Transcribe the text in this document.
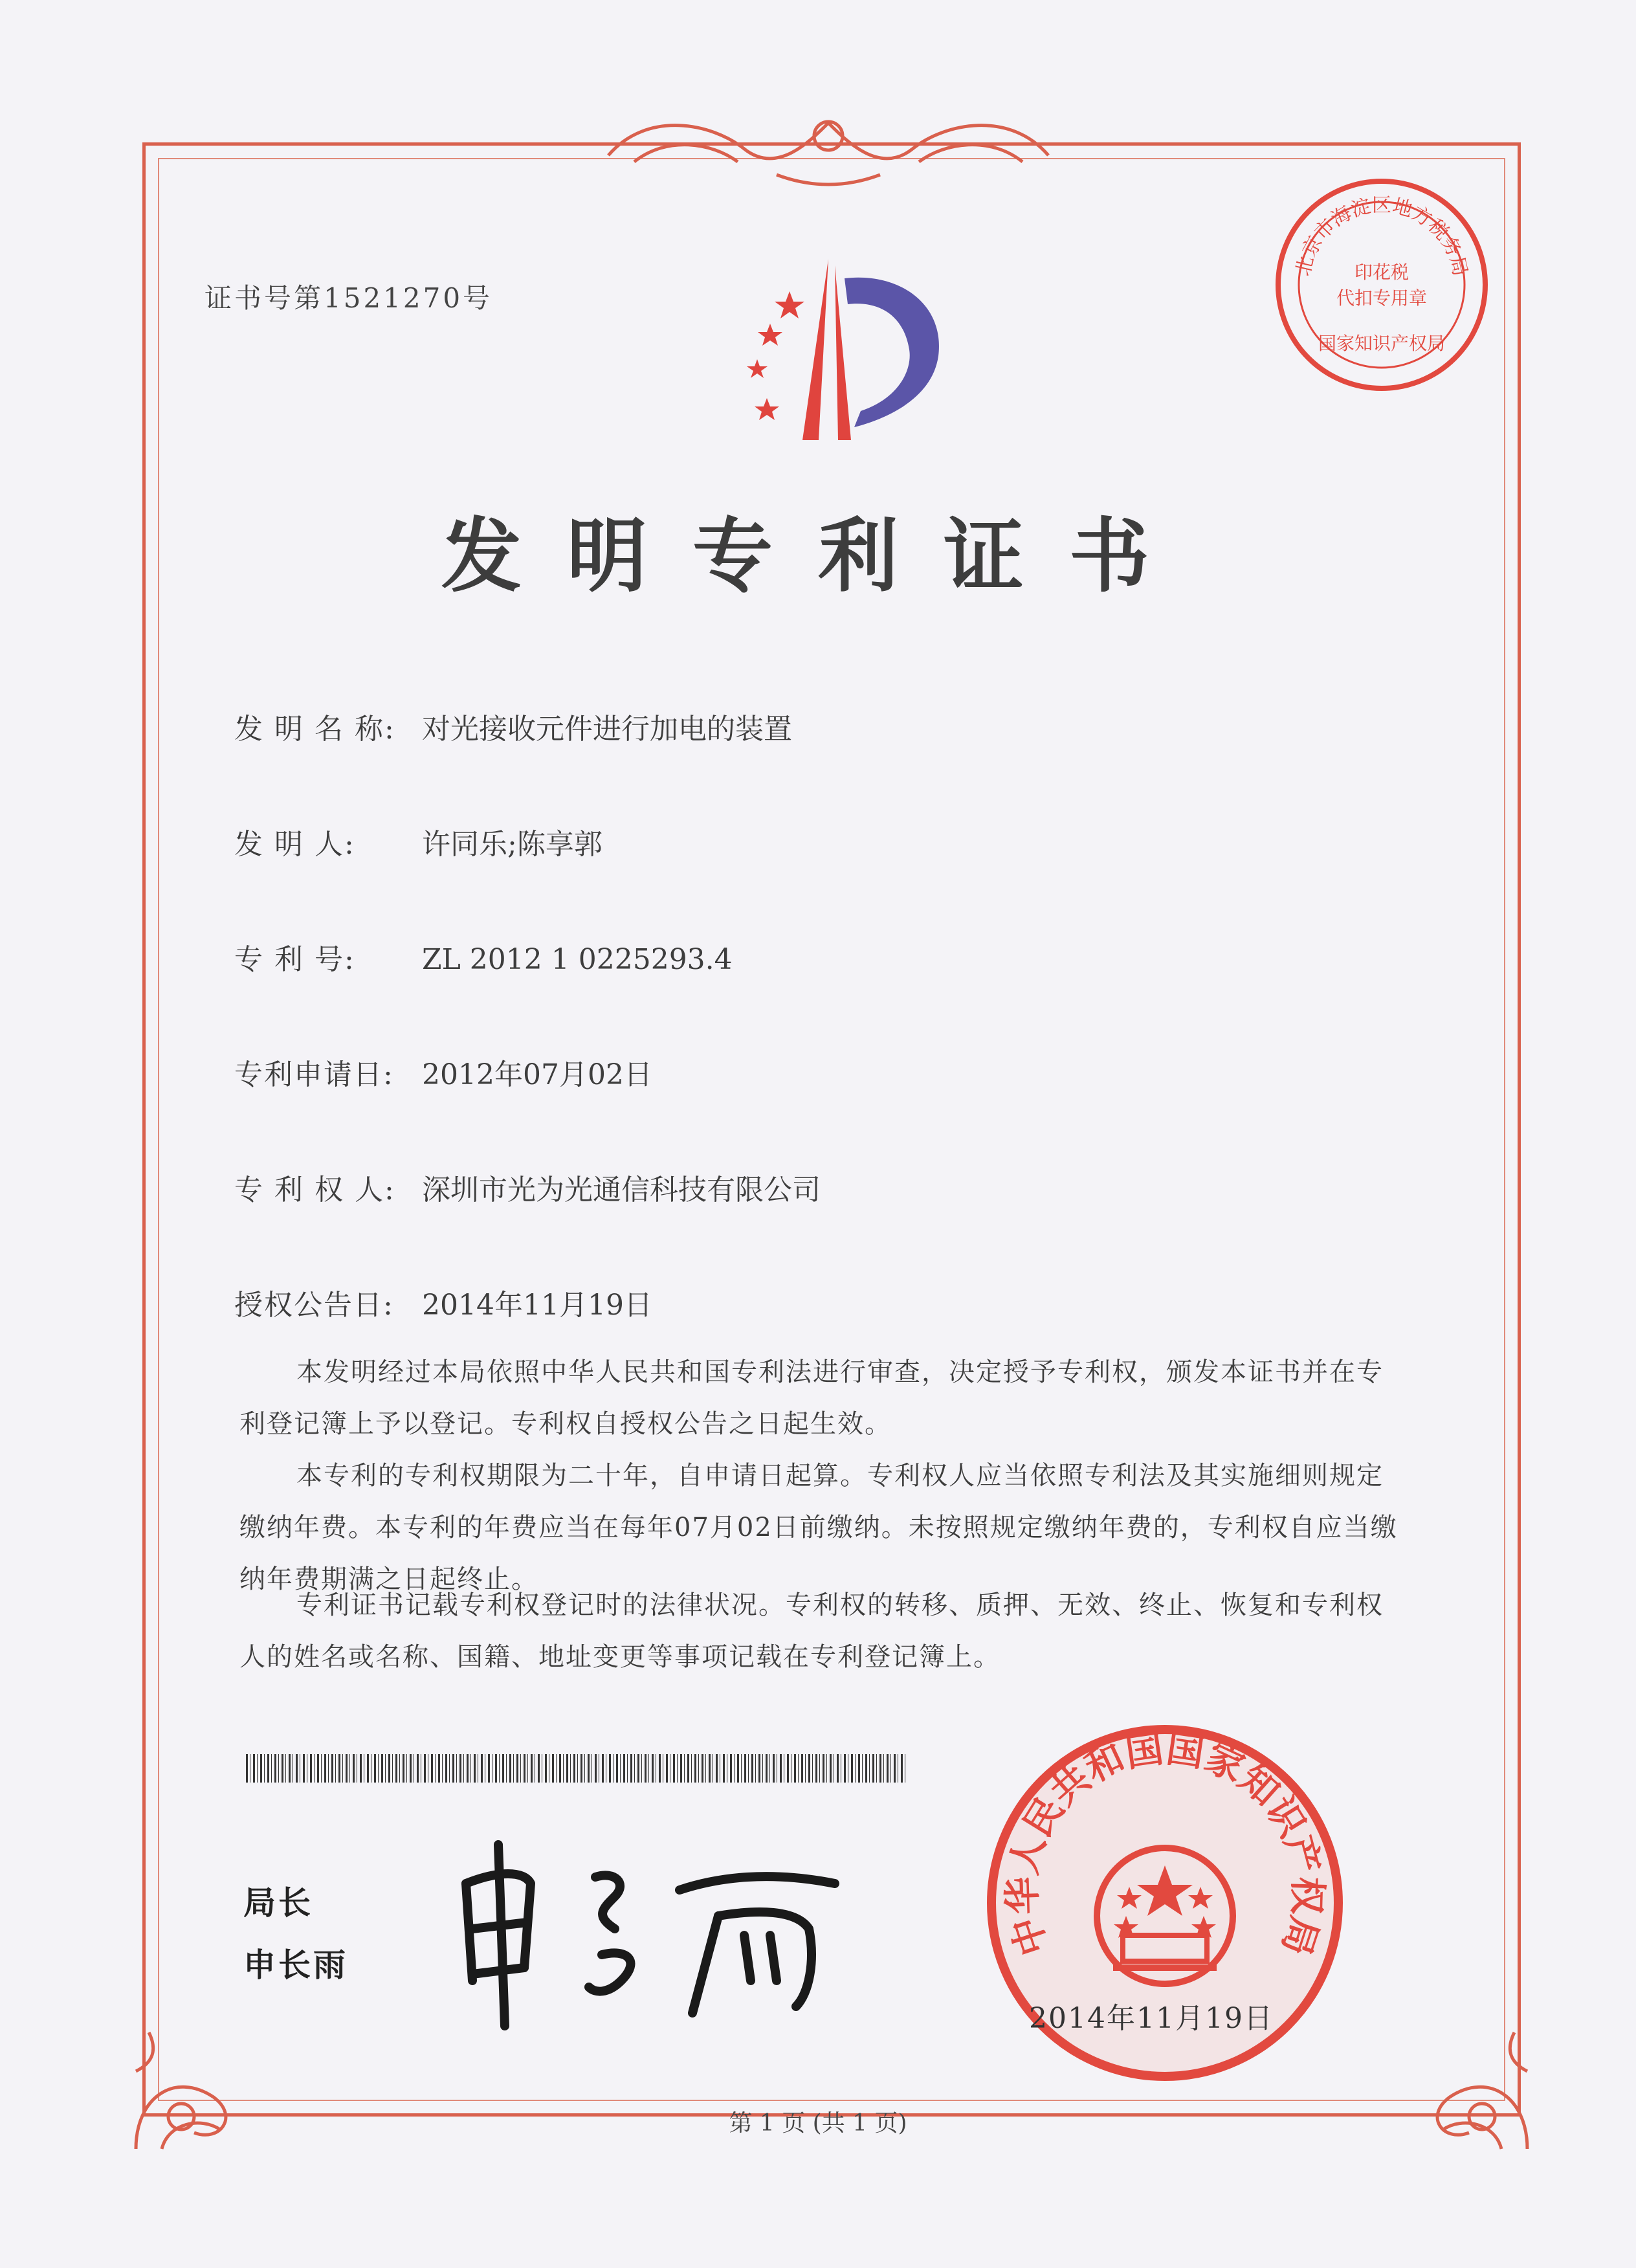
证书号第1521270号
北京市海淀区地方税务局
印花税
代扣专用章
国家知识产权局
发明专利证书
发 明 名 称: 对光接收元件进行加电的装置
发 明 人: 许同乐;陈享郭
专 利 号: ZL 2012 1 0225293.4
专利申请日: 2012年07月02日
专 利 权 人: 深圳市光为光通信科技有限公司
授权公告日: 2014年11月19日

本发明经过本局依照中华人民共和国专利法进行审查，决定授予专利权，颁发本证书并在专利登记簿上予以登记。专利权自授权公告之日起生效。

本专利的专利权期限为二十年，自申请日起算。专利权人应当依照专利法及其实施细则规定缴纳年费。本专利的年费应当在每年07月02日前缴纳。未按照规定缴纳年费的，专利权自应当缴纳年费期满之日起终止。

专利证书记载专利权登记时的法律状况。专利权的转移、质押、无效、终止、恢复和专利权人的姓名或名称、国籍、地址变更等事项记载在专利登记簿上。

局长
申长雨
中华人民共和国国家知识产权局
2014年11月19日
第 1 页 (共 1 页)
